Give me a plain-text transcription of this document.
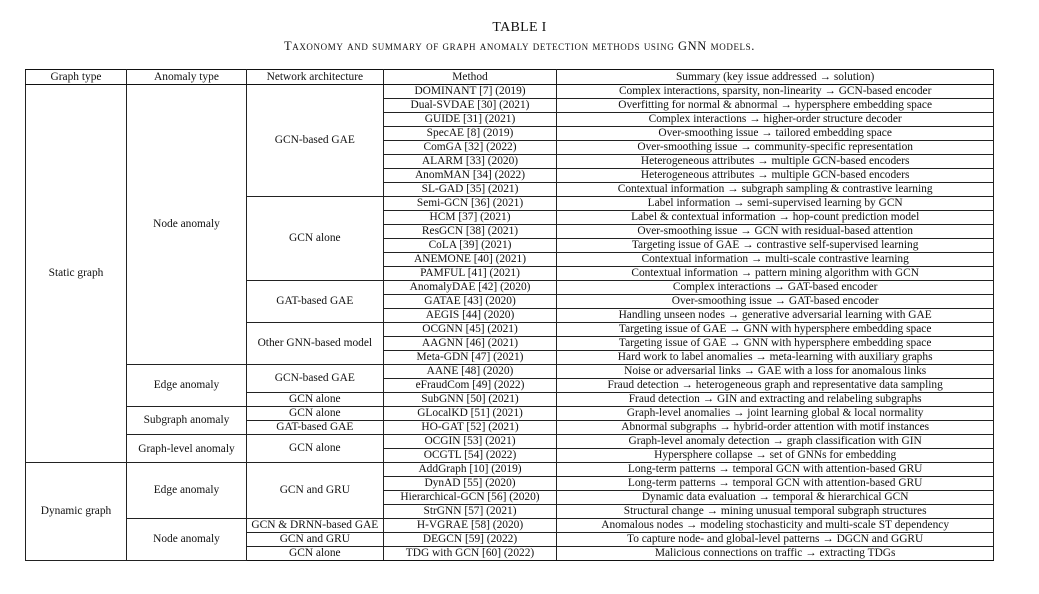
TABLE I
Taxonomy and summary of graph anomaly detection methods using GNN models.
Graph type	Anomaly type	Network architecture	Method	Summary (key issue addressed → solution)
Static graph	Node anomaly	GCN-based GAE	DOMINANT [7] (2019)	Complex interactions, sparsity, non-linearity → GCN-based encoder
			Dual-SVDAE [30] (2021)	Overfitting for normal & abnormal → hypersphere embedding space
			GUIDE [31] (2021)	Complex interactions → higher-order structure decoder
			SpecAE [8] (2019)	Over-smoothing issue → tailored embedding space
			ComGA [32] (2022)	Over-smoothing issue → community-specific representation
			ALARM [33] (2020)	Heterogeneous attributes → multiple GCN-based encoders
			AnomMAN [34] (2022)	Heterogeneous attributes → multiple GCN-based encoders
			SL-GAD [35] (2021)	Contextual information → subgraph sampling & contrastive learning
		GCN alone	Semi-GCN [36] (2021)	Label information → semi-supervised learning by GCN
			HCM [37] (2021)	Label & contextual information → hop-count prediction model
			ResGCN [38] (2021)	Over-smoothing issue → GCN with residual-based attention
			CoLA [39] (2021)	Targeting issue of GAE → contrastive self-supervised learning
			ANEMONE [40] (2021)	Contextual information → multi-scale contrastive learning
			PAMFUL [41] (2021)	Contextual information → pattern mining algorithm with GCN
		GAT-based GAE	AnomalyDAE [42] (2020)	Complex interactions → GAT-based encoder
			GATAE [43] (2020)	Over-smoothing issue → GAT-based encoder
			AEGIS [44] (2020)	Handling unseen nodes → generative adversarial learning with GAE
		Other GNN-based model	OCGNN [45] (2021)	Targeting issue of GAE → GNN with hypersphere embedding space
			AAGNN [46] (2021)	Targeting issue of GAE → GNN with hypersphere embedding space
			Meta-GDN [47] (2021)	Hard work to label anomalies → meta-learning with auxiliary graphs
	Edge anomaly	GCN-based GAE	AANE [48] (2020)	Noise or adversarial links → GAE with a loss for anomalous links
			eFraudCom [49] (2022)	Fraud detection → heterogeneous graph and representative data sampling
		GCN alone	SubGNN [50] (2021)	Fraud detection → GIN and extracting and relabeling subgraphs
	Subgraph anomaly	GCN alone	GLocalKD [51] (2021)	Graph-level anomalies → joint learning global & local normality
		GAT-based GAE	HO-GAT [52] (2021)	Abnormal subgraphs → hybrid-order attention with motif instances
	Graph-level anomaly	GCN alone	OCGIN [53] (2021)	Graph-level anomaly detection → graph classification with GIN
			OCGTL [54] (2022)	Hypersphere collapse → set of GNNs for embedding
Dynamic graph	Edge anomaly	GCN and GRU	AddGraph [10] (2019)	Long-term patterns → temporal GCN with attention-based GRU
			DynAD [55] (2020)	Long-term patterns → temporal GCN with attention-based GRU
			Hierarchical-GCN [56] (2020)	Dynamic data evaluation → temporal & hierarchical GCN
			StrGNN [57] (2021)	Structural change → mining unusual temporal subgraph structures
	Node anomaly	GCN & DRNN-based GAE	H-VGRAE [58] (2020)	Anomalous nodes → modeling stochasticity and multi-scale ST dependency
		GCN and GRU	DEGCN [59] (2022)	To capture node- and global-level patterns → DGCN and GGRU
		GCN alone	TDG with GCN [60] (2022)	Malicious connections on traffic → extracting TDGs
